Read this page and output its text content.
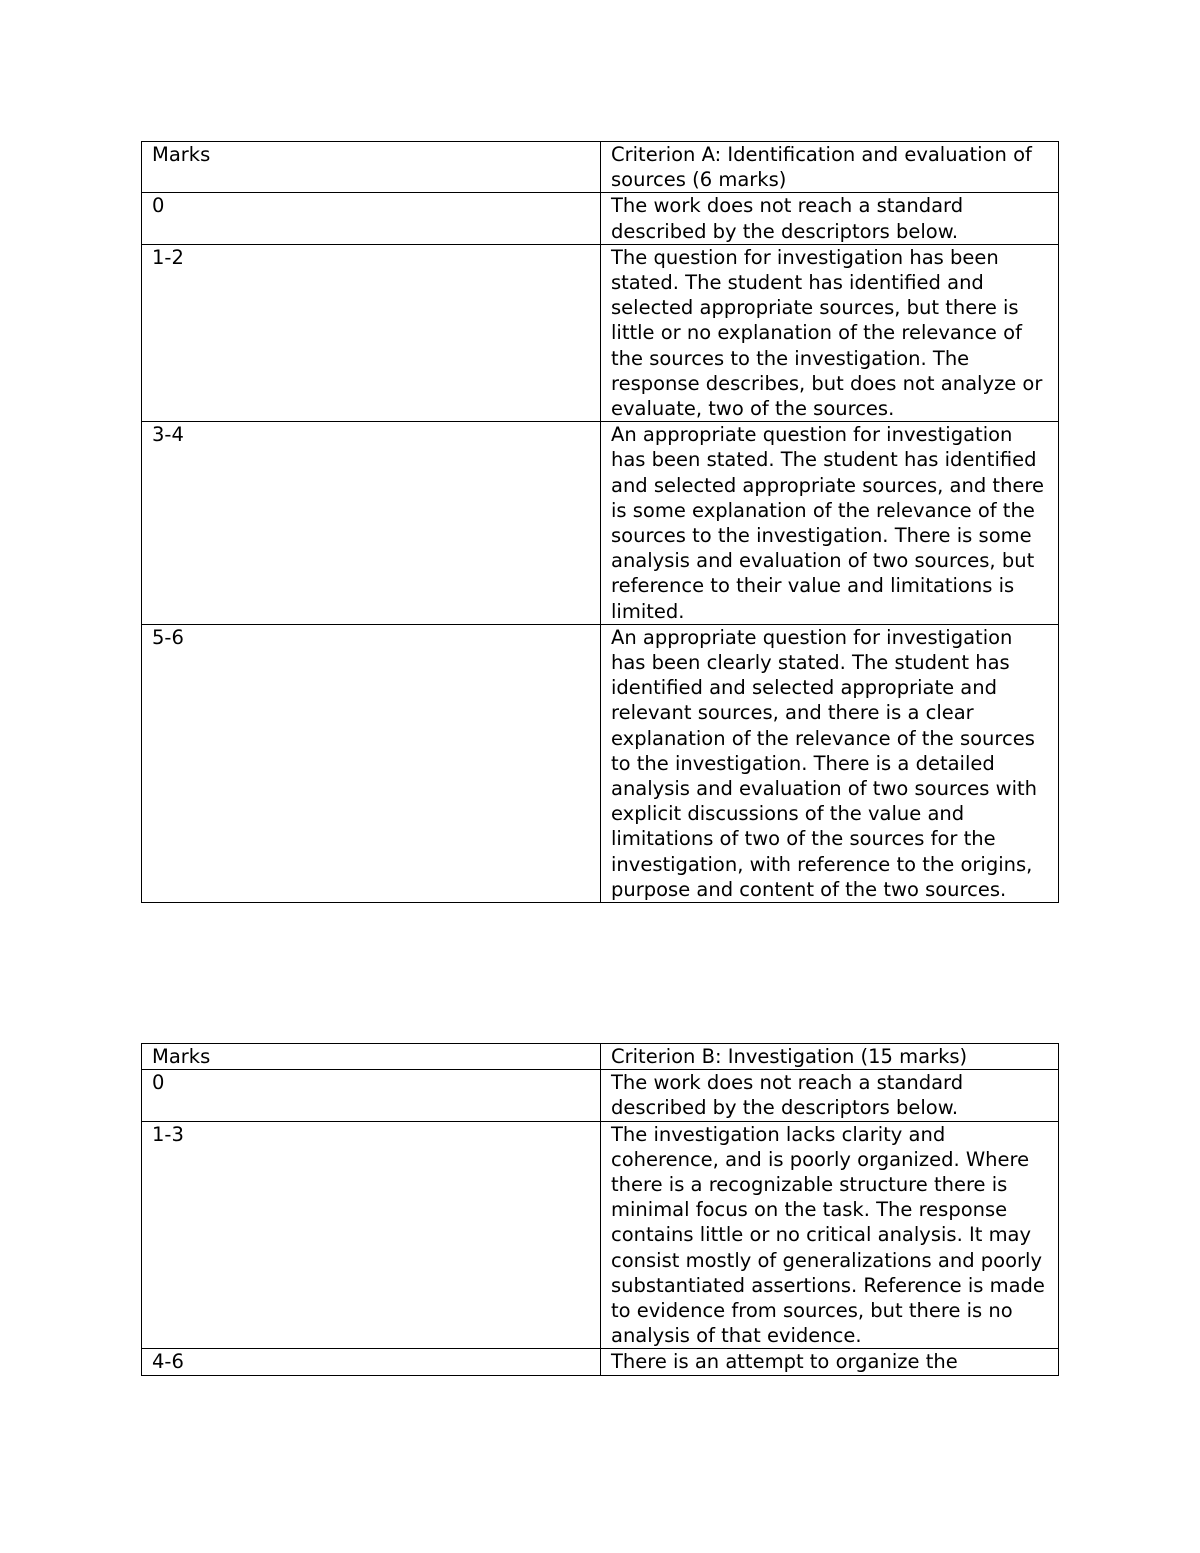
Marks	Criterion A: Identification and evaluation of sources (6 marks)
0	The work does not reach a standard described by the descriptors below.
1-2	The question for investigation has been stated. The student has identified and selected appropriate sources, but there is little or no explanation of the relevance of the sources to the investigation. The response describes, but does not analyze or evaluate, two of the sources.
3-4	An appropriate question for investigation has been stated. The student has identified and selected appropriate sources, and there is some explanation of the relevance of the sources to the investigation. There is some analysis and evaluation of two sources, but reference to their value and limitations is limited.
5-6	An appropriate question for investigation has been clearly stated. The student has identified and selected appropriate and relevant sources, and there is a clear explanation of the relevance of the sources to the investigation. There is a detailed analysis and evaluation of two sources with explicit discussions of the value and limitations of two of the sources for the investigation, with reference to the origins, purpose and content of the two sources.
Marks	Criterion B: Investigation (15 marks)
0	The work does not reach a standard described by the descriptors below.
1-3	The investigation lacks clarity and coherence, and is poorly organized. Where there is a recognizable structure there is minimal focus on the task. The response contains little or no critical analysis. It may consist mostly of generalizations and poorly substantiated assertions. Reference is made to evidence from sources, but there is no analysis of that evidence.
4-6	There is an attempt to organize the
